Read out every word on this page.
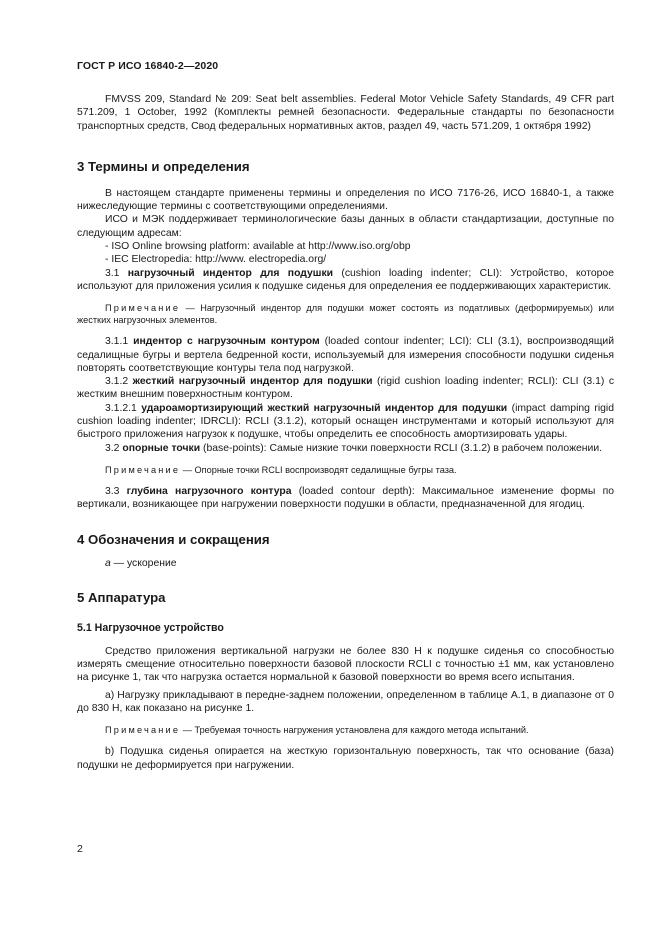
ГОСТ Р ИСО 16840-2—2020

FMVSS 209, Standard № 209: Seat belt assemblies. Federal Motor Vehicle Safety Standards, 49 CFR part 571.209, 1 October, 1992 (Комплекты ремней безопасности. Федеральные стандарты по безопасности транспортных средств, Свод федеральных нормативных актов, раздел 49, часть 571.209, 1 октября 1992)

3 Термины и определения

В настоящем стандарте применены термины и определения по ИСО 7176-26, ИСО 16840-1, а также нижеследующие термины с соответствующими определениями.

ИСО и МЭК поддерживает терминологические базы данных в области стандартизации, доступные по следующим адресам:

- ISO Online browsing platform: available at http://www.iso.org/obp

- IEC Electropedia: http://www. electropedia.org/

3.1 нагрузочный индентор для подушки (cushion loading indenter; CLI): Устройство, которое используют для приложения усилия к подушке сиденья для определения ее поддерживающих характеристик.

Примечание — Нагрузочный индентор для подушки может состоять из податливых (деформируемых) или жестких нагрузочных элементов.

3.1.1 индентор с нагрузочным контуром (loaded contour indenter; LCI): CLI (3.1), воспроизводящий седалищные бугры и вертела бедренной кости, используемый для измерения способности подушки сиденья повторять соответствующие контуры тела под нагрузкой.

3.1.2 жесткий нагрузочный индентор для подушки (rigid cushion loading indenter; RCLI): CLI (3.1) с жестким внешним поверхностным контуром.

3.1.2.1 удароамортизирующий жесткий нагрузочный индентор для подушки (impact damping rigid cushion loading indenter; IDRCLI): RCLI (3.1.2), который оснащен инструментами и который используют для быстрого приложения нагрузок к подушке, чтобы определить ее способность амортизировать удары.

3.2 опорные точки (base-points): Самые низкие точки поверхности RCLI (3.1.2) в рабочем положении.

Примечание — Опорные точки RCLI воспроизводят седалищные бугры таза.

3.3 глубина нагрузочного контура (loaded contour depth): Максимальное изменение формы по вертикали, возникающее при нагружении поверхности подушки в области, предназначенной для ягодиц.

4 Обозначения и сокращения

a — ускорение

5 Аппаратура
5.1 Нагрузочное устройство

Средство приложения вертикальной нагрузки не более 830 Н к подушке сиденья со способностью измерять смещение относительно поверхности базовой плоскости RCLI с точностью ±1 мм, как установлено на рисунке 1, так что нагрузка остается нормальной к базовой поверхности во время всего испытания.

a) Нагрузку прикладывают в передне-заднем положении, определенном в таблице А.1, в диапазоне от 0 до 830 Н, как показано на рисунке 1.

Примечание — Требуемая точность нагружения установлена для каждого метода испытаний.

b) Подушка сиденья опирается на жесткую горизонтальную поверхность, так что основание (база) подушки не деформируется при нагружении.

2
